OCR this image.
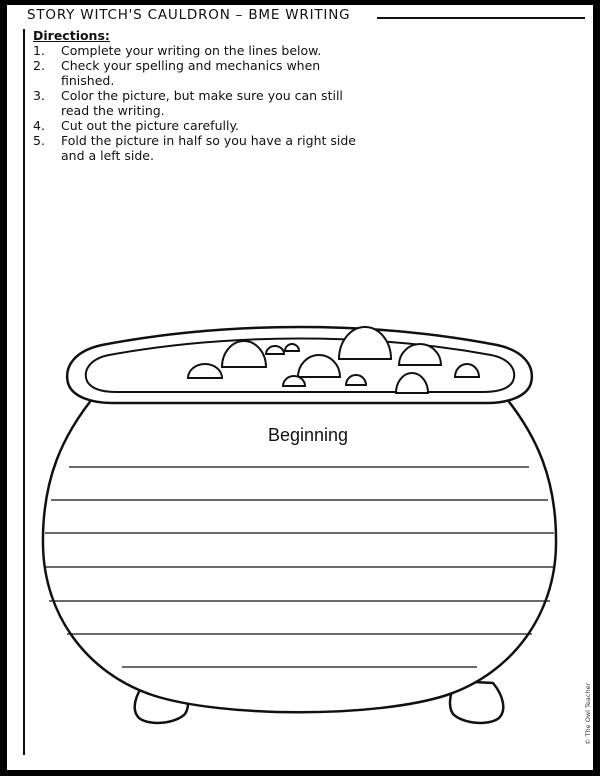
STORY WITCH'S CAULDRON – BME WRITING
Directions:
1.	Complete your writing on the lines below.
2.	Check your spelling and mechanics when finished.
3.	Color the picture, but make sure you can still read the writing.
4.	Cut out the picture carefully.
5.	Fold the picture in half so you have a right side and a left side.
Beginning
© The Owl Teacher
